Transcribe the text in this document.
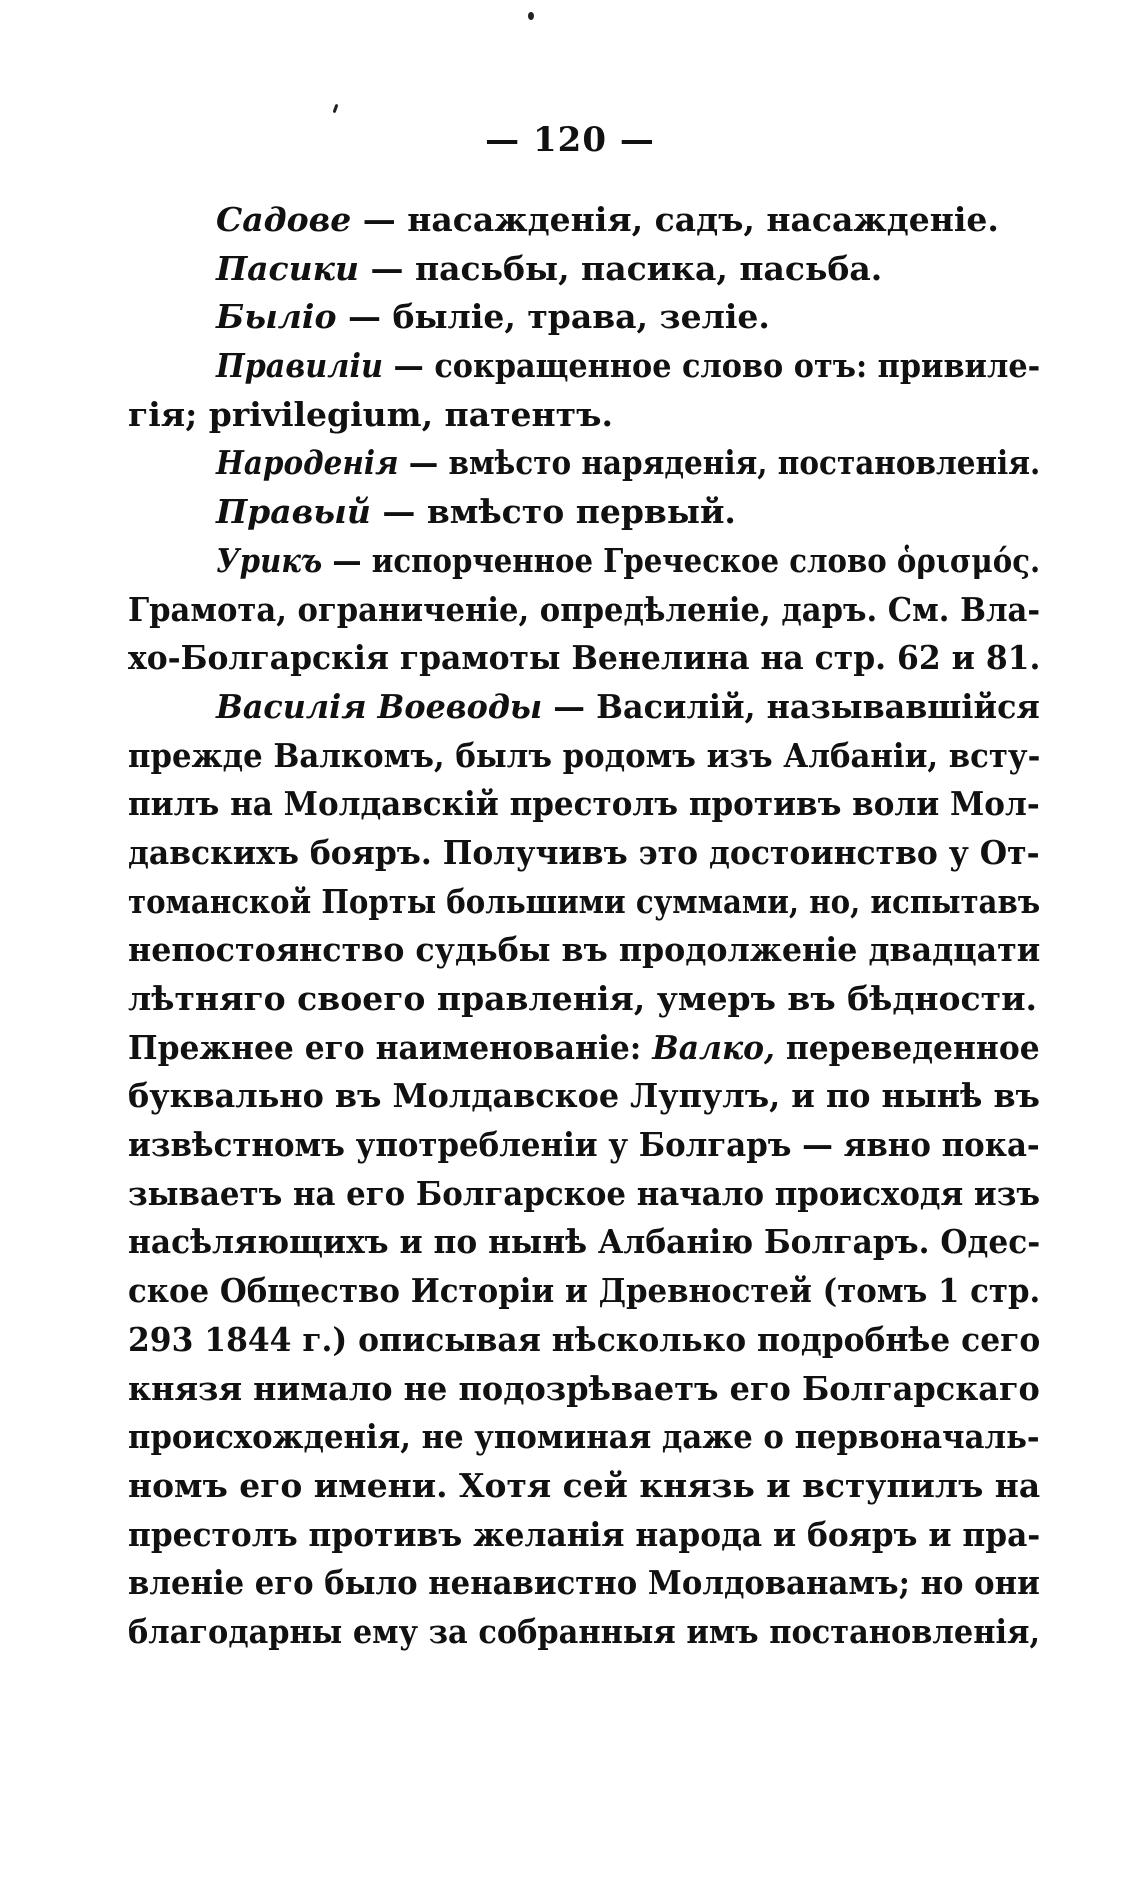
— 120 —
Садове — насажденія, садъ, насажденіе.
Пасики — пасьбы, пасика, пасьба.
Былiо — былiе, трава, зелiе.
Правилiи — сокращенное слово отъ: привиле-
гія; privilegium, патентъ.
Народенія — вмѣсто наряденія, постановленія.
Правый — вмѣсто первый.
Урикъ — испорченное Греческое слово ὁρισμός.
Грамота, ограниченіе, опредѣленіе, даръ. См. Вла-
хо-Болгарскія грамоты Венелина на стр. 62 и 81.
Василія Воеводы — Василій, называвшійся
прежде Валкомъ, былъ родомъ изъ Албаніи, всту-
пилъ на Молдавскій престолъ противъ воли Мол-
давскихъ бояръ. Получивъ это достоинство у От-
томанской Порты большими суммами, но, испытавъ
непостоянство судьбы въ продолженіе двадцати
лѣтняго своего правленія, умеръ въ бѣдности.
Прежнее его наименованіе: Валко, переведенное
буквально въ Молдавское Лупулъ, и по нынѣ въ
извѣстномъ употребленіи у Болгаръ — явно пока-
зываетъ на его Болгарское начало происходя изъ
насѣляющихъ и по нынѣ Албанію Болгаръ. Одес-
ское Общество Исторіи и Древностей (томъ 1 стр.
293 1844 г.) описывая нѣсколько подробнѣе сего
князя нимало не подозрѣваетъ его Болгарскаго
происхожденія, не упоминая даже о первоначаль-
номъ его имени. Хотя сей князь и вступилъ на
престолъ противъ желанія народа и бояръ и пра-
вленіе его было ненавистно Молдованамъ; но они
благодарны ему за собранныя имъ постановленія,
